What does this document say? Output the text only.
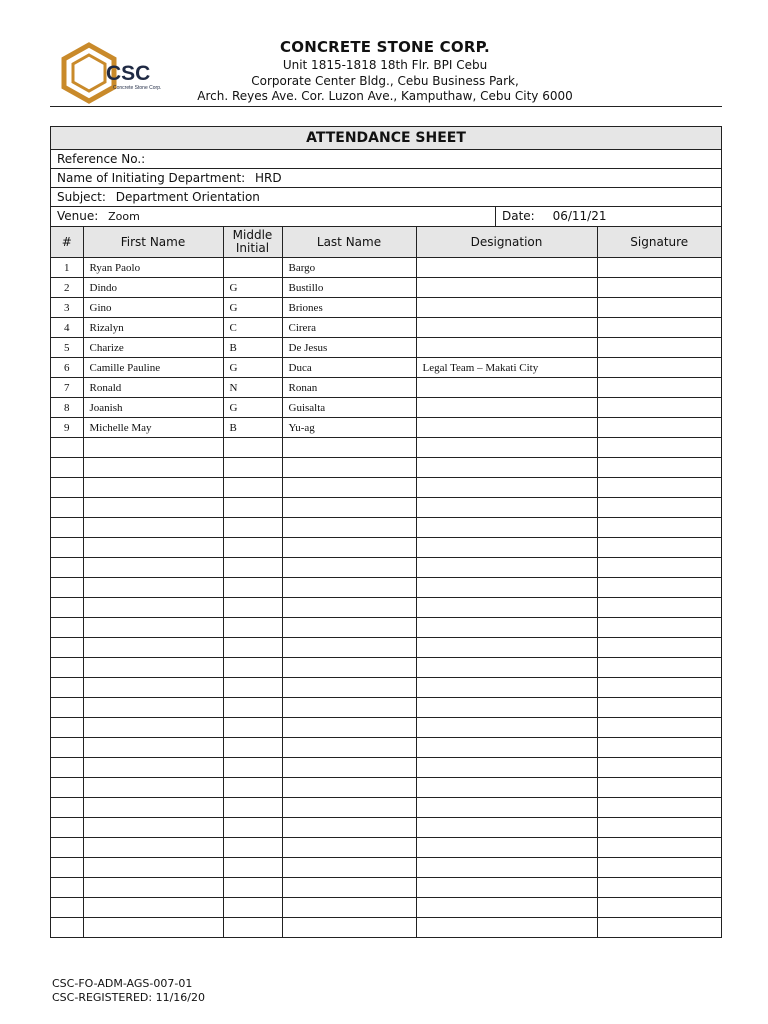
CSC
Concrete Stone Corp.
CONCRETE STONE CORP.
Unit 1815-1818 18th Flr. BPI Cebu
Corporate Center Bldg., Cebu Business Park,
Arch. Reyes Ave. Cor. Luzon Ave., Kamputhaw, Cebu City 6000
ATTENDANCE SHEET
Reference No.:
Name of Initiating Department: HRD
Subject: Department Orientation
Venue: Zoom	Date: 06/11/21
#	First Name	Middle
Initial	Last Name	Designation	Signature
1	Ryan Paolo		Bargo		
2	Dindo	G	Bustillo		
3	Gino	G	Briones		
4	Rizalyn	C	Cirera		
5	Charize	B	De Jesus		
6	Camille Pauline	G	Duca	Legal Team – Makati City	
7	Ronald	N	Ronan		
8	Joanish	G	Guisalta		
9	Michelle May	B	Yu-ag		

CSC-FO-ADM-AGS-007-01
CSC-REGISTERED: 11/16/20
